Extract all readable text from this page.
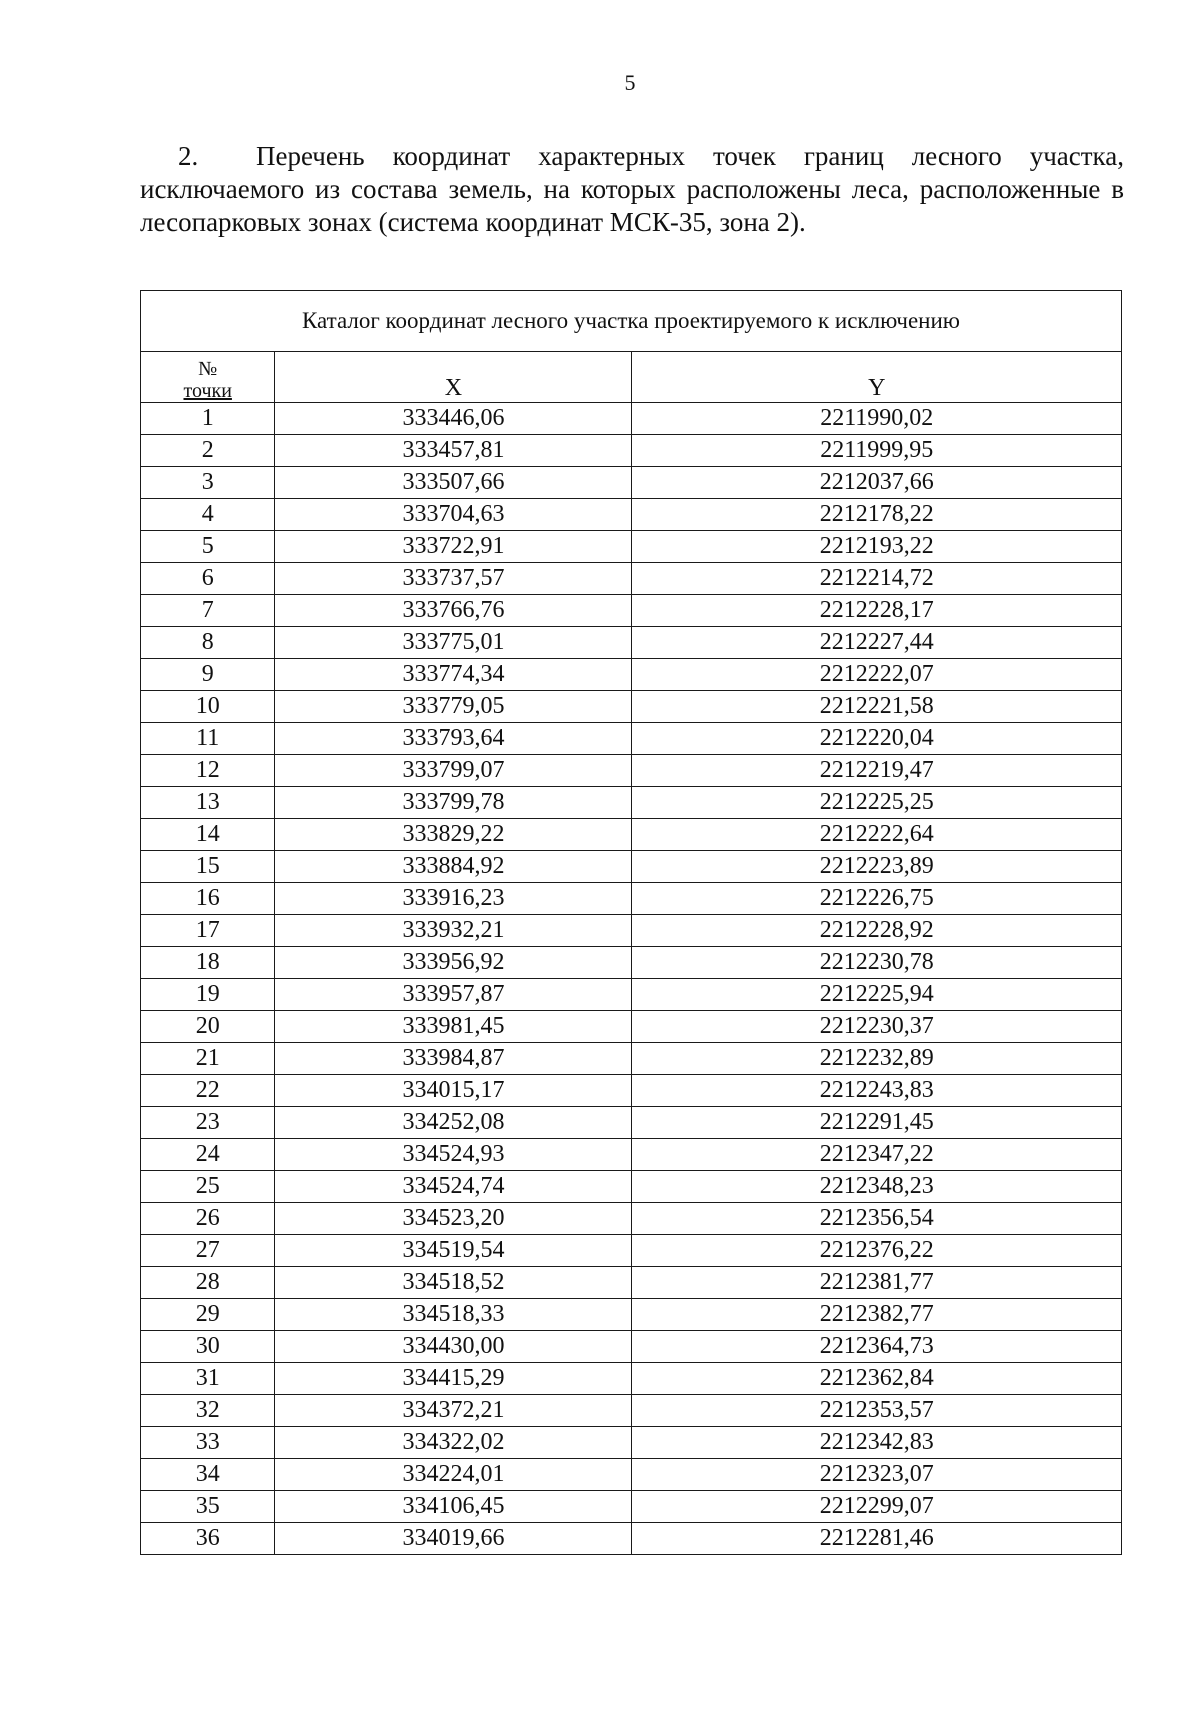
5
2. Перечень координат характерных точек границ лесного участка, исключаемого из состава земель, на которых расположены леса, расположенные в лесопарковых зонах (система координат МСК-35, зона 2).
Каталог координат лесного участка проектируемого к исключению		
№
точки	X	Y
1	333446,06	2211990,02
2	333457,81	2211999,95
3	333507,66	2212037,66
4	333704,63	2212178,22
5	333722,91	2212193,22
6	333737,57	2212214,72
7	333766,76	2212228,17
8	333775,01	2212227,44
9	333774,34	2212222,07
10	333779,05	2212221,58
11	333793,64	2212220,04
12	333799,07	2212219,47
13	333799,78	2212225,25
14	333829,22	2212222,64
15	333884,92	2212223,89
16	333916,23	2212226,75
17	333932,21	2212228,92
18	333956,92	2212230,78
19	333957,87	2212225,94
20	333981,45	2212230,37
21	333984,87	2212232,89
22	334015,17	2212243,83
23	334252,08	2212291,45
24	334524,93	2212347,22
25	334524,74	2212348,23
26	334523,20	2212356,54
27	334519,54	2212376,22
28	334518,52	2212381,77
29	334518,33	2212382,77
30	334430,00	2212364,73
31	334415,29	2212362,84
32	334372,21	2212353,57
33	334322,02	2212342,83
34	334224,01	2212323,07
35	334106,45	2212299,07
36	334019,66	2212281,46
